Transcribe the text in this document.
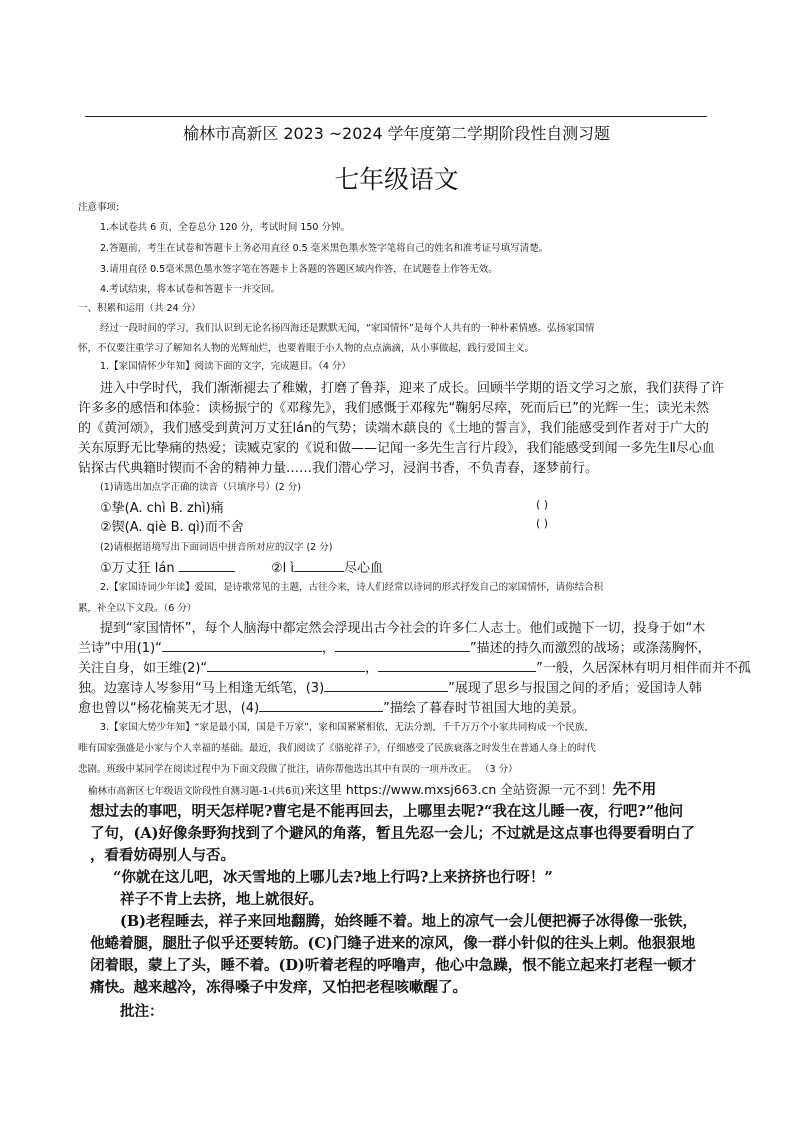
榆林市高新区 2023 ~2024 学年度第二学期阶段性自测习题
七年级语文
注意事项:
1.本试卷共 6 页，全卷总分 120 分，考试时间 150 分钟。
2.答题前，考生在试卷和答题卡上务必用直径 0.5 毫米黑色墨水签字笔将自己的姓名和准考证号填写清楚。
3.请用直径 0.5毫米黑色墨水签字笔在答题卡上各题的答题区域内作答，在试题卷上作答无效。
4.考试结束，将本试卷和答题卡一并交回。
一、积累和运用（共 24 分）
经过一段时间的学习，我们认识到无论名扬四海还是默默无闻，“家国情怀”是每个人共有的一种朴素情感。弘扬家国情
怀，不仅要注重学习了解知名人物的光辉灿烂，也要着眼于小人物的点点滴滴，从小事做起，践行爱国主义。
1.【家国情怀少年知】阅读下面的文字，完成题目。（4 分）
进入中学时代，我们渐渐褪去了稚嫩，打磨了鲁莽，迎来了成长。回顾半学期的语文学习之旅，我们获得了许
许多多的感悟和体验：读杨振宁的《邓稼先》，我们感慨于邓稼先“鞠躬尽瘁，死而后已”的光辉一生；读光未然
的《黄河颂》，我们感受到黄河万丈狂lán的气势；读端木蕻良的《土地的誓言》，我们能感受到作者对于广大的
关东原野无比挚痛的热爱；读臧克家的《说和做——记闻一多先生言行片段》，我们能感受到闻一多先生Ⅱ尽心血
钻探古代典籍时锲而不舍的精神力量……我们潜心学习，浸润书香，不负青春，逐梦前行。
(1)请选出加点字正确的读音（只填序号）(2 分)
①挚(A. chì B. zhì)痛	( )
②锲(A. qiè B. qì)而不舍	( )
(2)请根据语境写出下面词语中拼音所对应的汉字 (2 分)
①万丈狂 lán	②l ì	尽心血
2.【家国诗词少年读】爱国，是诗歌常见的主题，古往今来，诗人们经常以诗词的形式抒发自己的家国情怀，请你结合积
累，补全以下文段。（6 分）
提到“家国情怀”，每个人脑海中都定然会浮现出古今社会的许多仁人志士。他们或抛下一切，投身于如“木
兰诗”中用(1)“	，	”描述的持久而激烈的战场；或涤荡胸怀，
关注自身，如王维(2)“	，	”一般，久居深林有明月相伴而并不孤
独。边塞诗人岑参用“马上相逢无纸笔，(3)	”展现了思乡与报国之间的矛盾；爱国诗人韩
愈也曾以“杨花榆荚无才思，(4)	”描绘了暮春时节祖国大地的美景。
3.【家国大势少年知】“家是最小国，国是千万家”，家和国紧紧相依，无法分割，千千万万个小家共同构成一个民族，
唯有国家强盛是小家与个人幸福的基础。最近，我们阅读了《骆驼祥子》，仔细感受了民族衰落之时发生在普通人身上的时代
悲剧。班级中某同学在阅读过程中为下面文段做了批注，请你帮他选出其中有误的一项并改正。 （3 分）
榆林市高新区七年级语文阶段性自测习题-1-(共6页)来这里 https://www.mxsj663.cn 全站资源一元不到！先不用
想过去的事吧，明天怎样呢?曹宅是不能再回去，上哪里去呢?“我在这儿睡一夜，行吧?”他问
了句，(A)好像条野狗找到了个避风的角落，暂且先忍一会儿；不过就是这点事也得要看明白了
，看看妨碍别人与否。
“你就在这儿吧，冰天雪地的上哪儿去?地上行吗?上来挤挤也行呀！”
祥子不肯上去挤，地上就很好。
(B)老程睡去，祥子来回地翻腾，始终睡不着。地上的凉气一会儿便把褥子冰得像一张铁，
他蜷着腿，腿肚子似乎还要转筋。(C)门缝子进来的凉风，像一群小针似的往头上刺。他狠狠地
闭着眼，蒙上了头，睡不着。(D)听着老程的呼噜声，他心中急躁，恨不能立起来打老程一顿才
痛快。越来越冷，冻得嗓子中发痒，又怕把老程咳嗽醒了。
批注：
